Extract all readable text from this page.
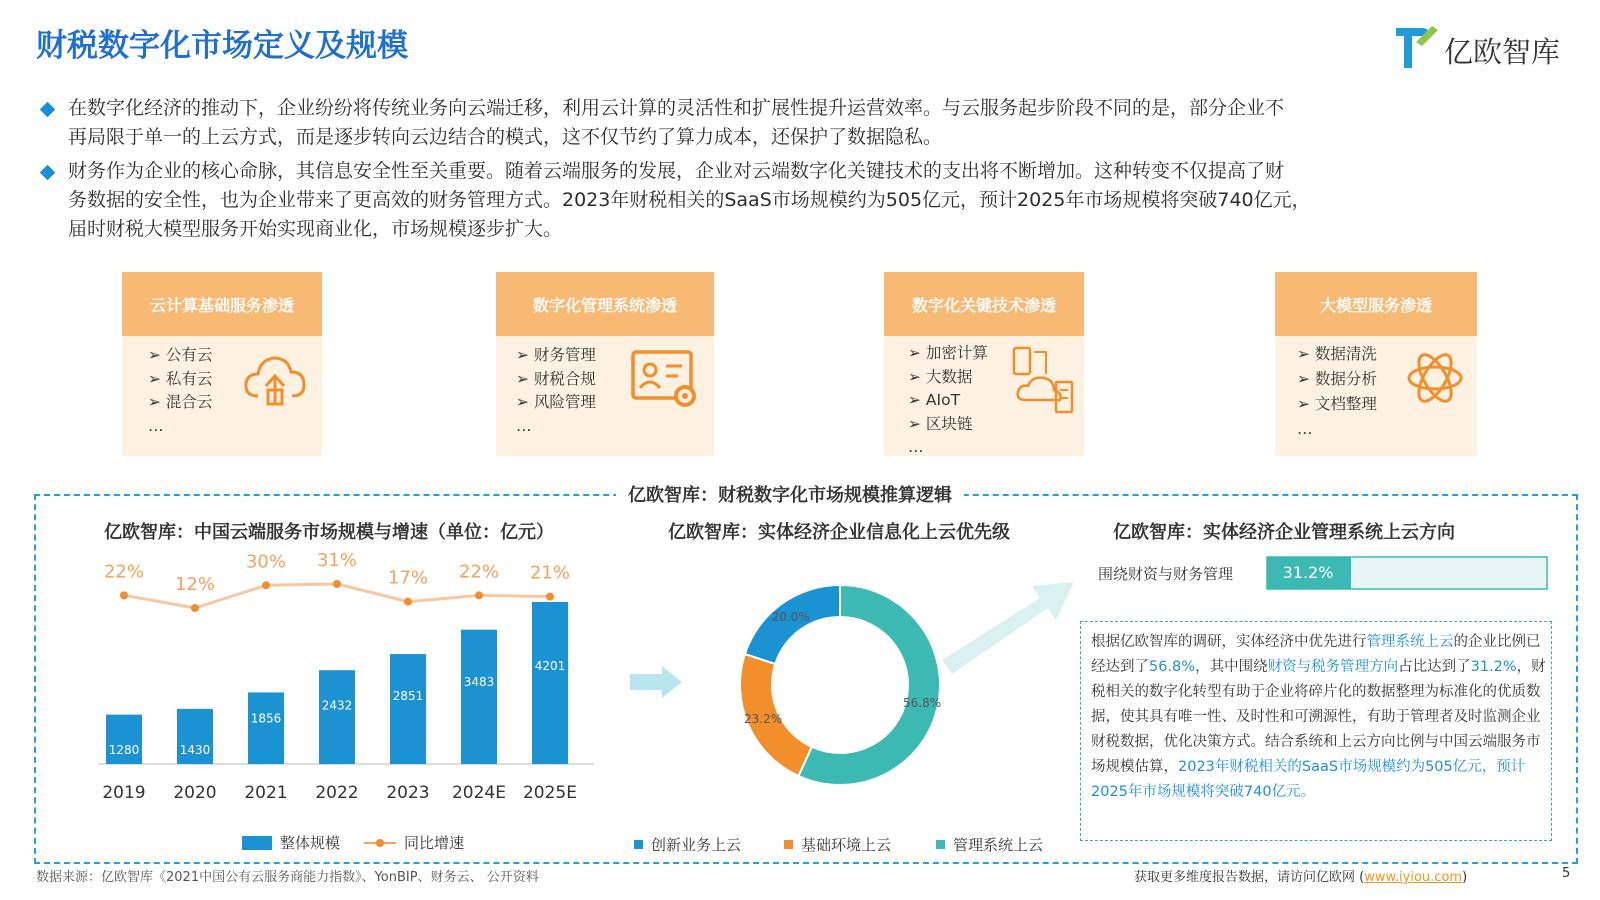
财税数字化市场定义及规模	亿欧智库
在数字化经济的推动下，企业纷纷将传统业务向云端迁移，利用云计算的灵活性和扩展性提升运营效率。与云服务起步阶段不同的是，部分企业不
再局限于单一的上云方式，而是逐步转向云边结合的模式，这不仅节约了算力成本，还保护了数据隐私。
财务作为企业的核心命脉，其信息安全性至关重要。随着云端服务的发展，企业对云端数字化关键技术的支出将不断增加。这种转变不仅提高了财
务数据的安全性，也为企业带来了更高效的财务管理方式。2023年财税相关的SaaS市场规模约为505亿元，预计2025年市场规模将突破740亿元，
届时财税大模型服务开始实现商业化，市场规模逐步扩大。
云计算基础服务渗透
➢ 公有云
➢ 私有云
➢ 混合云
…
数字化管理系统渗透
➢ 财务管理
➢ 财税合规
➢ 风险管理
…
数字化关键技术渗透
➢ 加密计算
➢ 大数据
➢ AIoT
➢ 区块链
…
大模型服务渗透
➢ 数据清洗
➢ 数据分析
➢ 文档整理
…
亿欧智库：财税数字化市场规模推算逻辑
亿欧智库：中国云端服务市场规模与增速（单位：亿元）
1280
2019
1430
2020
1856
2021
2432
2022
2851
2023
3483
2024E
4201
2025E
22%
12%
30% 31%
17% 22% 21%
整体规模	同比增速
亿欧智库：实体经济企业信息化上云优先级
23.2%
20.0%
56.8%
创新业务上云	基础环境上云	管理系统上云
亿欧智库：实体经济企业管理系统上云方向
围绕财资与财务管理	31.2%
根据亿欧智库的调研，实体经济中优先进行管理系统上云的企业比例已经达到了56.8%，其中围绕财资与税务管理方向占比达到了31.2%，财税相关的数字化转型有助于企业将碎片化的数据整理为标准化的优质数据，使其具有唯一性、及时性和可溯源性，有助于管理者及时监测企业财税数据，优化决策方式。结合系统和上云方向比例与中国云端服务市场规模估算，2023年财税相关的SaaS市场规模约为505亿元，预计2025年市场规模将突破740亿元。
数据来源：亿欧智库《2021中国公有云服务商能力指数》、YonBIP、财务云、 公开资料	获取更多维度报告数据，请访问亿欧网 (www.iyiou.com)	5
